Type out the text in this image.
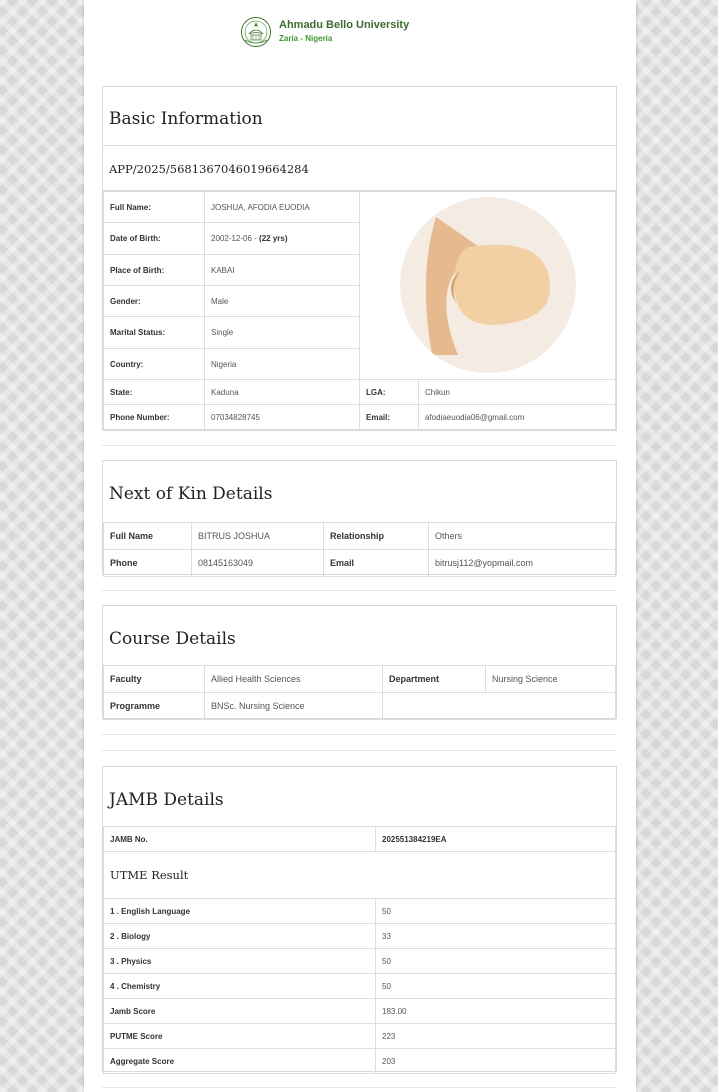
Ahmadu Bello University
Zaria - Nigeria
Basic Information
APP/2025/5681367046019664284
Full Name:	JOSHUA, AFODIA EUODIA	
Date of Birth:	2002-12-06 - (22 yrs)		
Place of Birth:	KABAI		
Gender:	Male		
Marital Status:	Single		
Country:	Nigeria		
State:	Kaduna	LGA:	Chikun
Phone Number:	07034828745	Email:	afodiaeuodia06@gmail.com
Next of Kin Details
Full Name	BITRUS JOSHUA	Relationship	Others
Phone	08145163049	Email	bitrusj112@yopmail.com
Course Details
Faculty	Allied Health Sciences	Department	Nursing Science
Programme	BNSc. Nursing Science		
JAMB Details
JAMB No.	202551384219EA

UTME Result	

1 . English Language	50
2 . Biology	33
3 . Physics	50
4 . Chemistry	50
Jamb Score	183.00
PUTME Score	223
Aggregate Score	203
